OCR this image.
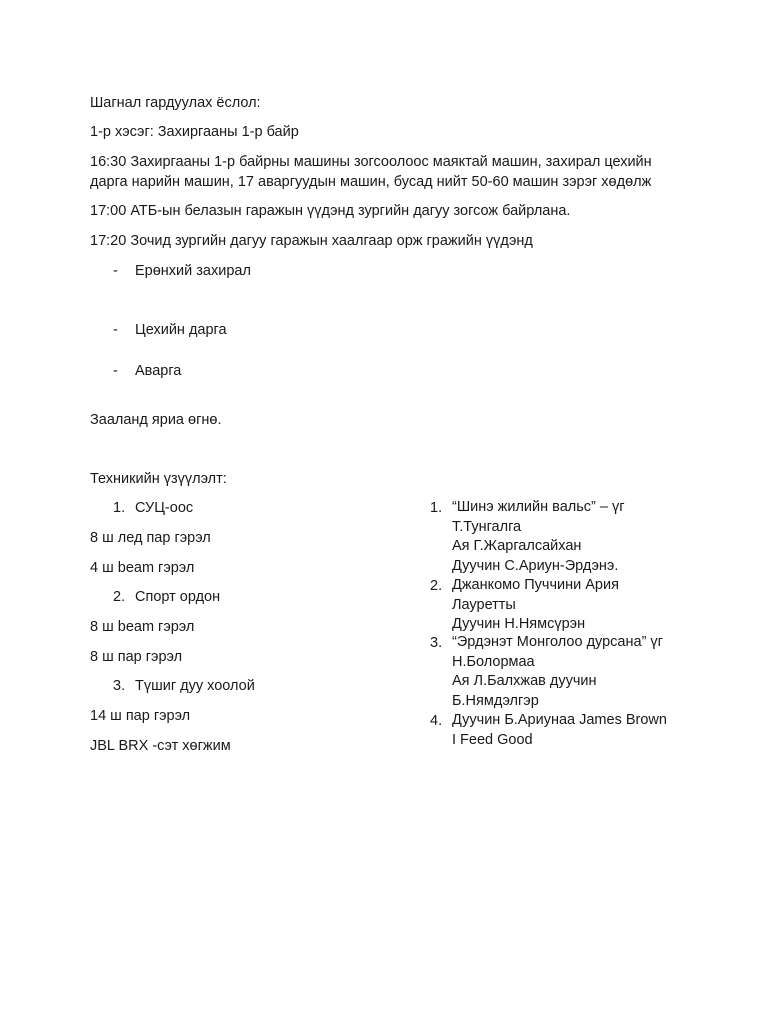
Шагнал гардуулах ёслол:
1-р хэсэг: Захиргааны 1-р байр
16:30 Захиргааны 1-р байрны машины зогсоолоос маяктай машин, захирал цехийн
дарга нарийн машин, 17 аваргуудын машин, бусад нийт 50-60 машин зэрэг хөдөлж
17:00 АТБ-ын белазын гаражын үүдэнд зургийн дагуу зогсож байрлана.
17:20 Зочид зургийн дагуу гаражын хаалгаар орж гражийн үүдэнд
- Ерөнхий захирал
- Цехийн дарга
- Аварга
Зааланд яриа өгнө.
Техникийн үзүүлэлт:
1. СУЦ-оос
8 ш лед пар гэрэл
4 ш beam гэрэл
2. Спорт ордон
8 ш beam гэрэл
8 ш пар гэрэл
3. Түшиг дуу хоолой
14 ш пар гэрэл
JBL BRX -сэт хөгжим
1. “Шинэ жилийн вальс” – үг
Т.Тунгалга
Ая Г.Жаргалсайхан
Дуучин С.Ариун-Эрдэнэ.
2. Джанкомо Пуччини Ария
Лауретты
Дуучин Н.Нямсүрэн
3. “Эрдэнэт Монголоо дурсана” үг
Н.Болормаа
Ая Л.Балхжав дуучин
Б.Нямдэлгэр
4. Дуучин Б.Ариунаа James Brown
I Feed Good
